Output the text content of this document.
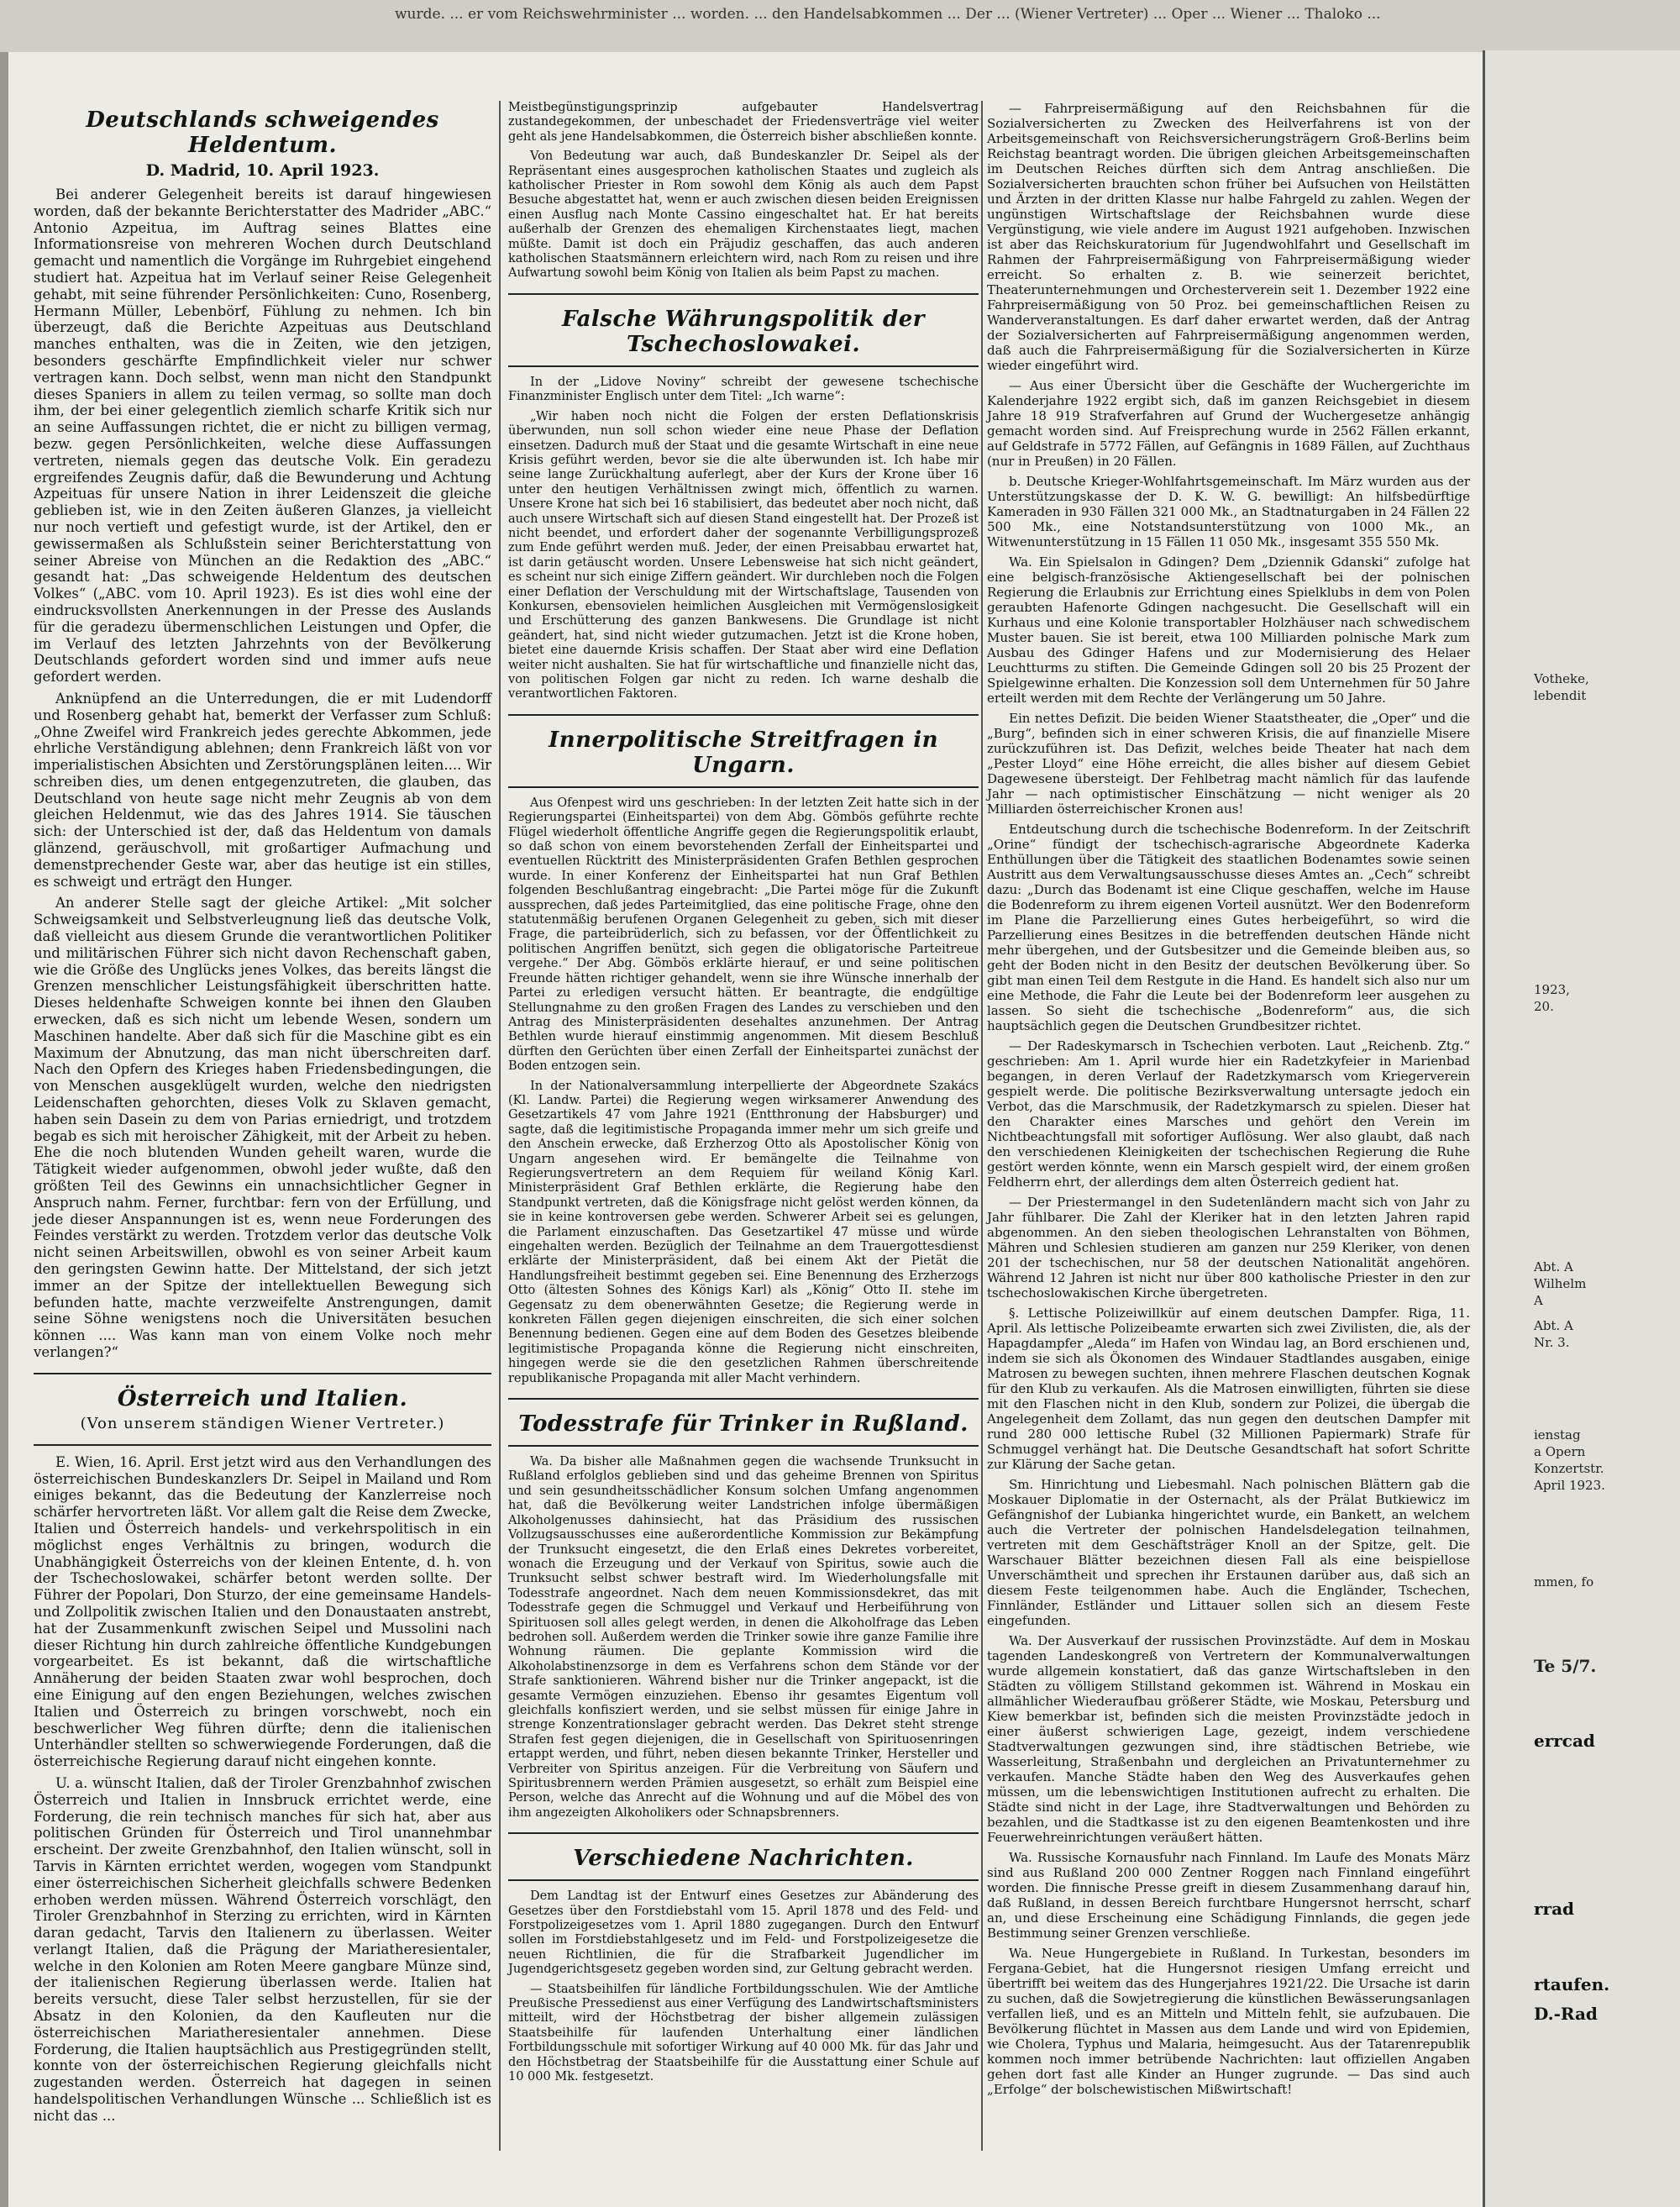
wurde. ... er vom Reichswehrminister ... worden. ... den Handelsabkommen ... Der ... (Wiener Vertreter) ... Oper ... Wiener ... Thaloko ...
Votheke,
lebendit
1923,
20.
Abt. A
Wilhelm
A
Abt. A
Nr. 3.
ienstag
a Opern
Konzertstr.
April 1923.
mmen, fo
Te 5/7.
errcad
rrad
rtaufen.
D.-Rad
Deutschlands schweigendes Heldentum.
D. Madrid, 10. April 1923.

Bei anderer Gelegenheit bereits ist darauf hingewiesen worden, daß der bekannte Berichterstatter des Madrider „ABC.“ Antonio Azpeitua, im Auftrag seines Blattes eine Informationsreise von mehreren Wochen durch Deutschland gemacht und namentlich die Vorgänge im Ruhrgebiet eingehend studiert hat. Azpeitua hat im Verlauf seiner Reise Gelegenheit gehabt, mit seine führender Persönlichkeiten: Cuno, Rosenberg, Hermann Müller, Lebenbörf, Fühlung zu nehmen. Ich bin überzeugt, daß die Berichte Azpeituas aus Deutschland manches enthalten, was die in Zeiten, wie den jetzigen, besonders geschärfte Empfindlichkeit vieler nur schwer vertragen kann. Doch selbst, wenn man nicht den Standpunkt dieses Spaniers in allem zu teilen vermag, so sollte man doch ihm, der bei einer gelegentlich ziemlich scharfe Kritik sich nur an seine Auffassungen richtet, die er nicht zu billigen vermag, bezw. gegen Persönlichkeiten, welche diese Auffassungen vertreten, niemals gegen das deutsche Volk. Ein geradezu ergreifendes Zeugnis dafür, daß die Bewunderung und Achtung Azpeituas für unsere Nation in ihrer Leidenszeit die gleiche geblieben ist, wie in den Zeiten äußeren Glanzes, ja vielleicht nur noch vertieft und gefestigt wurde, ist der Artikel, den er gewissermaßen als Schlußstein seiner Berichterstattung von seiner Abreise von München an die Redaktion des „ABC.“ gesandt hat: „Das schweigende Heldentum des deutschen Volkes“ („ABC. vom 10. April 1923). Es ist dies wohl eine der eindrucksvollsten Anerkennungen in der Presse des Auslands für die geradezu übermenschlichen Leistungen und Opfer, die im Verlauf des letzten Jahrzehnts von der Bevölkerung Deutschlands gefordert worden sind und immer aufs neue gefordert werden.

Anknüpfend an die Unterredungen, die er mit Ludendorff und Rosenberg gehabt hat, bemerkt der Verfasser zum Schluß: „Ohne Zweifel wird Frankreich jedes gerechte Abkommen, jede ehrliche Verständigung ablehnen; denn Frankreich läßt von vor imperialistischen Absichten und Zerstörungsplänen leiten.... Wir schreiben dies, um denen entgegenzutreten, die glauben, das Deutschland von heute sage nicht mehr Zeugnis ab von dem gleichen Heldenmut, wie das des Jahres 1914. Sie täuschen sich: der Unterschied ist der, daß das Heldentum von damals glänzend, geräuschvoll, mit großartiger Aufmachung und demenstprechender Geste war, aber das heutige ist ein stilles, es schweigt und erträgt den Hunger.

An anderer Stelle sagt der gleiche Artikel: „Mit solcher Schweigsamkeit und Selbstverleugnung ließ das deutsche Volk, daß vielleicht aus diesem Grunde die verantwortlichen Politiker und militärischen Führer sich nicht davon Rechenschaft gaben, wie die Größe des Unglücks jenes Volkes, das bereits längst die Grenzen menschlicher Leistungsfähigkeit überschritten hatte. Dieses heldenhafte Schweigen konnte bei ihnen den Glauben erwecken, daß es sich nicht um lebende Wesen, sondern um Maschinen handelte. Aber daß sich für die Maschine gibt es ein Maximum der Abnutzung, das man nicht überschreiten darf. Nach den Opfern des Krieges haben Friedensbedingungen, die von Menschen ausgeklügelt wurden, welche den niedrigsten Leidenschaften gehorchten, dieses Volk zu Sklaven gemacht, haben sein Dasein zu dem von Parias erniedrigt, und trotzdem begab es sich mit heroischer Zähigkeit, mit der Arbeit zu heben. Ehe die noch blutenden Wunden geheilt waren, wurde die Tätigkeit wieder aufgenommen, obwohl jeder wußte, daß den größten Teil des Gewinns ein unnachsichtlicher Gegner in Anspruch nahm. Ferner, furchtbar: fern von der Erfüllung, und jede dieser Anspannungen ist es, wenn neue Forderungen des Feindes verstärkt zu werden. Trotzdem verlor das deutsche Volk nicht seinen Arbeitswillen, obwohl es von seiner Arbeit kaum den geringsten Gewinn hatte. Der Mittelstand, der sich jetzt immer an der Spitze der intellektuellen Bewegung sich befunden hatte, machte verzweifelte Anstrengungen, damit seine Söhne wenigstens noch die Universitäten besuchen können .... Was kann man von einem Volke noch mehr verlangen?“

Österreich und Italien.
(Von unserem ständigen Wiener Vertreter.)

E. Wien, 16. April. Erst jetzt wird aus den Verhandlungen des österreichischen Bundeskanzlers Dr. Seipel in Mailand und Rom einiges bekannt, das die Bedeutung der Kanzlerreise noch schärfer hervortreten läßt. Vor allem galt die Reise dem Zwecke, Italien und Österreich handels- und verkehrspolitisch in ein möglichst enges Verhältnis zu bringen, wodurch die Unabhängigkeit Österreichs von der kleinen Entente, d. h. von der Tschechoslowakei, schärfer betont werden sollte. Der Führer der Popolari, Don Sturzo, der eine gemeinsame Handels- und Zollpolitik zwischen Italien und den Donaustaaten anstrebt, hat der Zusammenkunft zwischen Seipel und Mussolini nach dieser Richtung hin durch zahlreiche öffentliche Kundgebungen vorgearbeitet. Es ist bekannt, daß die wirtschaftliche Annäherung der beiden Staaten zwar wohl besprochen, doch eine Einigung auf den engen Beziehungen, welches zwischen Italien und Österreich zu bringen vorschwebt, noch ein beschwerlicher Weg führen dürfte; denn die italienischen Unterhändler stellten so schwerwiegende Forderungen, daß die österreichische Regierung darauf nicht eingehen konnte.

U. a. wünscht Italien, daß der Tiroler Grenzbahnhof zwischen Österreich und Italien in Innsbruck errichtet werde, eine Forderung, die rein technisch manches für sich hat, aber aus politischen Gründen für Österreich und Tirol unannehmbar erscheint. Der zweite Grenzbahnhof, den Italien wünscht, soll in Tarvis in Kärnten errichtet werden, wogegen vom Standpunkt einer österreichischen Sicherheit gleichfalls schwere Bedenken erhoben werden müssen. Während Österreich vorschlägt, den Tiroler Grenzbahnhof in Sterzing zu errichten, wird in Kärnten daran gedacht, Tarvis den Italienern zu überlassen. Weiter verlangt Italien, daß die Prägung der Mariatheresientaler, welche in den Kolonien am Roten Meere gangbare Münze sind, der italienischen Regierung überlassen werde. Italien hat bereits versucht, diese Taler selbst herzustellen, für sie der Absatz in den Kolonien, da den Kaufleuten nur die österreichischen Mariatheresientaler annehmen. Diese Forderung, die Italien hauptsächlich aus Prestigegründen stellt, konnte von der österreichischen Regierung gleichfalls nicht zugestanden werden. Österreich hat dagegen in seinen handelspolitischen Verhandlungen Wünsche ... Schließlich ist es nicht das ...

Meistbegünstigungsprinzip aufgebauter Handelsvertrag zustandegekommen, der unbeschadet der Friedensverträge viel weiter geht als jene Handelsabkommen, die Österreich bisher abschließen konnte.

Von Bedeutung war auch, daß Bundeskanzler Dr. Seipel als der Repräsentant eines ausgesprochen katholischen Staates und zugleich als katholischer Priester in Rom sowohl dem König als auch dem Papst Besuche abgestattet hat, wenn er auch zwischen diesen beiden Ereignissen einen Ausflug nach Monte Cassino eingeschaltet hat. Er hat bereits außerhalb der Grenzen des ehemaligen Kirchenstaates liegt, machen müßte. Damit ist doch ein Präjudiz geschaffen, das auch anderen katholischen Staatsmännern erleichtern wird, nach Rom zu reisen und ihre Aufwartung sowohl beim König von Italien als beim Papst zu machen.

Falsche Währungspolitik der Tschechoslowakei.

In der „Lidove Noviny“ schreibt der gewesene tschechische Finanzminister Englisch unter dem Titel: „Ich warne“:

„Wir haben noch nicht die Folgen der ersten Deflationskrisis überwunden, nun soll schon wieder eine neue Phase der Deflation einsetzen. Dadurch muß der Staat und die gesamte Wirtschaft in eine neue Krisis geführt werden, bevor sie die alte überwunden ist. Ich habe mir seine lange Zurückhaltung auferlegt, aber der Kurs der Krone über 16 unter den heutigen Verhältnissen zwingt mich, öffentlich zu warnen. Unsere Krone hat sich bei 16 stabilisiert, das bedeutet aber noch nicht, daß auch unsere Wirtschaft sich auf diesen Stand eingestellt hat. Der Prozeß ist nicht beendet, und erfordert daher der sogenannte Verbilligungsprozeß zum Ende geführt werden muß. Jeder, der einen Preisabbau erwartet hat, ist darin getäuscht worden. Unsere Lebensweise hat sich nicht geändert, es scheint nur sich einige Ziffern geändert. Wir durchleben noch die Folgen einer Deflation der Verschuldung mit der Wirtschaftslage, Tausenden von Konkursen, ebensovielen heimlichen Ausgleichen mit Vermögenslosigkeit und Erschütterung des ganzen Bankwesens. Die Grundlage ist nicht geändert, hat, sind nicht wieder gutzumachen. Jetzt ist die Krone hoben, bietet eine dauernde Krisis schaffen. Der Staat aber wird eine Deflation weiter nicht aushalten. Sie hat für wirtschaftliche und finanzielle nicht das, von politischen Folgen gar nicht zu reden. Ich warne deshalb die verantwortlichen Faktoren.

Innerpolitische Streitfragen in Ungarn.

Aus Ofenpest wird uns geschrieben: In der letzten Zeit hatte sich in der Regierungspartei (Einheitspartei) von dem Abg. Gömbös geführte rechte Flügel wiederholt öffentliche Angriffe gegen die Regierungspolitik erlaubt, so daß schon von einem bevorstehenden Zerfall der Einheitspartei und eventuellen Rücktritt des Ministerpräsidenten Grafen Bethlen gesprochen wurde. In einer Konferenz der Einheitspartei hat nun Graf Bethlen folgenden Beschlußantrag eingebracht: „Die Partei möge für die Zukunft aussprechen, daß jedes Parteimitglied, das eine politische Frage, ohne den statutenmäßig berufenen Organen Gelegenheit zu geben, sich mit dieser Frage, die parteibrüderlich, sich zu befassen, vor der Öffentlichkeit zu politischen Angriffen benützt, sich gegen die obligatorische Parteitreue vergehe.“ Der Abg. Gömbös erklärte hierauf, er und seine politischen Freunde hätten richtiger gehandelt, wenn sie ihre Wünsche innerhalb der Partei zu erledigen versucht hätten. Er beantragte, die endgültige Stellungnahme zu den großen Fragen des Landes zu verschieben und den Antrag des Ministerpräsidenten desehaltes anzunehmen. Der Antrag Bethlen wurde hierauf einstimmig angenommen. Mit diesem Beschluß dürften den Gerüchten über einen Zerfall der Einheitspartei zunächst der Boden entzogen sein.

In der Nationalversammlung interpellierte der Abgeordnete Szakács (Kl. Landw. Partei) die Regierung wegen wirksamerer Anwendung des Gesetzartikels 47 vom Jahre 1921 (Entthronung der Habsburger) und sagte, daß die legitimistische Propaganda immer mehr um sich greife und den Anschein erwecke, daß Erzherzog Otto als Apostolischer König von Ungarn angesehen wird. Er bemängelte die Teilnahme von Regierungsvertretern an dem Requiem für weiland König Karl. Ministerpräsident Graf Bethlen erklärte, die Regierung habe den Standpunkt vertreten, daß die Königsfrage nicht gelöst werden können, da sie in keine kontroversen gebe werden. Schwerer Arbeit sei es gelungen, die Parlament einzuschaften. Das Gesetzartikel 47 müsse und würde eingehalten werden. Bezüglich der Teilnahme an dem Trauergottesdienst erklärte der Ministerpräsident, daß bei einem Akt der Pietät die Handlungsfreiheit bestimmt gegeben sei. Eine Benennung des Erzherzogs Otto (ältesten Sohnes des Königs Karl) als „König“ Otto II. stehe im Gegensatz zu dem obenerwähnten Gesetze; die Regierung werde in konkreten Fällen gegen diejenigen einschreiten, die sich einer solchen Benennung bedienen. Gegen eine auf dem Boden des Gesetzes bleibende legitimistische Propaganda könne die Regierung nicht einschreiten, hingegen werde sie die den gesetzlichen Rahmen überschreitende republikanische Propaganda mit aller Macht verhindern.

Todesstrafe für Trinker in Rußland.

Wa. Da bisher alle Maßnahmen gegen die wachsende Trunksucht in Rußland erfolglos geblieben sind und das geheime Brennen von Spiritus und sein gesundheitsschädlicher Konsum solchen Umfang angenommen hat, daß die Bevölkerung weiter Landstrichen infolge übermäßigen Alkoholgenusses dahinsiecht, hat das Präsidium des russischen Vollzugsausschusses eine außerordentliche Kommission zur Bekämpfung der Trunksucht eingesetzt, die den Erlaß eines Dekretes vorbereitet, wonach die Erzeugung und der Verkauf von Spiritus, sowie auch die Trunksucht selbst schwer bestraft wird. Im Wiederholungsfalle mit Todesstrafe angeordnet. Nach dem neuen Kommissionsdekret, das mit Todesstrafe gegen die Schmuggel und Verkauf und Herbeiführung von Spirituosen soll alles gelegt werden, in denen die Alkoholfrage das Leben bedrohen soll. Außerdem werden die Trinker sowie ihre ganze Familie ihre Wohnung räumen. Die geplante Kommission wird die Alkoholabstinenzsorge in dem es Verfahrens schon dem Stände vor der Strafe sanktionieren. Während bisher nur die Trinker angepackt, ist die gesamte Vermögen einzuziehen. Ebenso ihr gesamtes Eigentum voll gleichfalls konfisziert werden, und sie selbst müssen für einige Jahre in strenge Konzentrationslager gebracht werden. Das Dekret steht strenge Strafen fest gegen diejenigen, die in Gesellschaft von Spirituosenringen ertappt werden, und führt, neben diesen bekannte Trinker, Hersteller und Verbreiter von Spiritus anzeigen. Für die Verbreitung von Säufern und Spiritusbrennern werden Prämien ausgesetzt, so erhält zum Beispiel eine Person, welche das Anrecht auf die Wohnung und auf die Möbel des von ihm angezeigten Alkoholikers oder Schnapsbrenners.

Verschiedene Nachrichten.

Dem Landtag ist der Entwurf eines Gesetzes zur Abänderung des Gesetzes über den Forstdiebstahl vom 15. April 1878 und des Feld- und Forstpolizeigesetzes vom 1. April 1880 zugegangen. Durch den Entwurf sollen im Forstdiebstahlgesetz und im Feld- und Forstpolizeigesetze die neuen Richtlinien, die für die Strafbarkeit Jugendlicher im Jugendgerichtsgesetz gegeben worden sind, zur Geltung gebracht werden.

— Staatsbeihilfen für ländliche Fortbildungsschulen. Wie der Amtliche Preußische Pressedienst aus einer Verfügung des Landwirtschaftsministers mitteilt, wird der Höchstbetrag der bisher allgemein zulässigen Staatsbeihilfe für laufenden Unterhaltung einer ländlichen Fortbildungsschule mit sofortiger Wirkung auf 40 000 Mk. für das Jahr und den Höchstbetrag der Staatsbeihilfe für die Ausstattung einer Schule auf 10 000 Mk. festgesetzt.

— Fahrpreisermäßigung auf den Reichsbahnen für die Sozialversicherten zu Zwecken des Heilverfahrens ist von der Arbeitsgemeinschaft von Reichsversicherungsträgern Groß-Berlins beim Reichstag beantragt worden. Die übrigen gleichen Arbeitsgemeinschaften im Deutschen Reiches dürften sich dem Antrag anschließen. Die Sozialversicherten brauchten schon früher bei Aufsuchen von Heilstätten und Ärzten in der dritten Klasse nur halbe Fahrgeld zu zahlen. Wegen der ungünstigen Wirtschaftslage der Reichsbahnen wurde diese Vergünstigung, wie viele andere im August 1921 aufgehoben. Inzwischen ist aber das Reichskuratorium für Jugendwohlfahrt und Gesellschaft im Rahmen der Fahrpreisermäßigung von Fahrpreisermäßigung wieder erreicht. So erhalten z. B. wie seinerzeit berichtet, Theaterunternehmungen und Orchesterverein seit 1. Dezember 1922 eine Fahrpreisermäßigung von 50 Proz. bei gemeinschaftlichen Reisen zu Wanderveranstaltungen. Es darf daher erwartet werden, daß der Antrag der Sozialversicherten auf Fahrpreisermäßigung angenommen werden, daß auch die Fahrpreisermäßigung für die Sozialversicherten in Kürze wieder eingeführt wird.

— Aus einer Übersicht über die Geschäfte der Wuchergerichte im Kalenderjahre 1922 ergibt sich, daß im ganzen Reichsgebiet in diesem Jahre 18 919 Strafverfahren auf Grund der Wuchergesetze anhängig gemacht worden sind. Auf Freisprechung wurde in 2562 Fällen erkannt, auf Geldstrafe in 5772 Fällen, auf Gefängnis in 1689 Fällen, auf Zuchthaus (nur in Preußen) in 20 Fällen.

b. Deutsche Krieger-Wohlfahrtsgemeinschaft. Im März wurden aus der Unterstützungskasse der D. K. W. G. bewilligt: An hilfsbedürftige Kameraden in 930 Fällen 321 000 Mk., an Stadtnaturgaben in 24 Fällen 22 500 Mk., eine Notstandsunterstützung von 1000 Mk., an Witwenunterstützung in 15 Fällen 11 050 Mk., insgesamt 355 550 Mk.

Wa. Ein Spielsalon in Gdingen? Dem „Dziennik Gdanski“ zufolge hat eine belgisch-französische Aktiengesellschaft bei der polnischen Regierung die Erlaubnis zur Errichtung eines Spielklubs in dem von Polen geraubten Hafenorte Gdingen nachgesucht. Die Gesellschaft will ein Kurhaus und eine Kolonie transportabler Holzhäuser nach schwedischem Muster bauen. Sie ist bereit, etwa 100 Milliarden polnische Mark zum Ausbau des Gdinger Hafens und zur Modernisierung des Helaer Leuchtturms zu stiften. Die Gemeinde Gdingen soll 20 bis 25 Prozent der Spielgewinne erhalten. Die Konzession soll dem Unternehmen für 50 Jahre erteilt werden mit dem Rechte der Verlängerung um 50 Jahre.

Ein nettes Defizit. Die beiden Wiener Staatstheater, die „Oper“ und die „Burg“, befinden sich in einer schweren Krisis, die auf finanzielle Misere zurückzuführen ist. Das Defizit, welches beide Theater hat nach dem „Pester Lloyd“ eine Höhe erreicht, die alles bisher auf diesem Gebiet Dagewesene übersteigt. Der Fehlbetrag macht nämlich für das laufende Jahr — nach optimistischer Einschätzung — nicht weniger als 20 Milliarden österreichischer Kronen aus!

Entdeutschung durch die tschechische Bodenreform. In der Zeitschrift „Orine“ fündigt der tschechisch-agrarische Abgeordnete Kaderka Enthüllungen über die Tätigkeit des staatlichen Bodenamtes sowie seinen Austritt aus dem Verwaltungsausschusse dieses Amtes an. „Cech“ schreibt dazu: „Durch das Bodenamt ist eine Clique geschaffen, welche im Hause die Bodenreform zu ihrem eigenen Vorteil ausnützt. Wer den Bodenreform im Plane die Parzellierung eines Gutes herbeigeführt, so wird die Parzellierung eines Besitzes in die betreffenden deutschen Hände nicht mehr übergehen, und der Gutsbesitzer und die Gemeinde bleiben aus, so geht der Boden nicht in den Besitz der deutschen Bevölkerung über. So gibt man einen Teil dem Restgute in die Hand. Es handelt sich also nur um eine Methode, die Fahr die Leute bei der Bodenreform leer ausgehen zu lassen. So sieht die tschechische „Bodenreform“ aus, die sich hauptsächlich gegen die Deutschen Grundbesitzer richtet.

— Der Radeskymarsch in Tschechien verboten. Laut „Reichenb. Ztg.“ geschrieben: Am 1. April wurde hier ein Radetzkyfeier in Marienbad begangen, in deren Verlauf der Radetzkymarsch vom Kriegerverein gespielt werde. Die politische Bezirksverwaltung untersagte jedoch ein Verbot, das die Marschmusik, der Radetzkymarsch zu spielen. Dieser hat den Charakter eines Marsches und gehört den Verein im Nichtbeachtungsfall mit sofortiger Auflösung. Wer also glaubt, daß nach den verschiedenen Kleinigkeiten der tschechischen Regierung die Ruhe gestört werden könnte, wenn ein Marsch gespielt wird, der einem großen Feldherrn ehrt, der allerdings dem alten Österreich gedient hat.

— Der Priestermangel in den Sudetenländern macht sich von Jahr zu Jahr fühlbarer. Die Zahl der Kleriker hat in den letzten Jahren rapid abgenommen. An den sieben theologischen Lehranstalten von Böhmen, Mähren und Schlesien studieren am ganzen nur 259 Kleriker, von denen 201 der tschechischen, nur 58 der deutschen Nationalität angehören. Während 12 Jahren ist nicht nur über 800 katholische Priester in den zur tschechoslowakischen Kirche übergetreten.

§. Lettische Polizeiwillkür auf einem deutschen Dampfer. Riga, 11. April. Als lettische Polizeibeamte erwarten sich zwei Zivilisten, die, als der Hapagdampfer „Aleda“ im Hafen von Windau lag, an Bord erschienen und, indem sie sich als Ökonomen des Windauer Stadtlandes ausgaben, einige Matrosen zu bewegen suchten, ihnen mehrere Flaschen deutschen Kognak für den Klub zu verkaufen. Als die Matrosen einwilligten, führten sie diese mit den Flaschen nicht in den Klub, sondern zur Polizei, die übergab die Angelegenheit dem Zollamt, das nun gegen den deutschen Dampfer mit rund 280 000 lettische Rubel (32 Millionen Papiermark) Strafe für Schmuggel verhängt hat. Die Deutsche Gesandtschaft hat sofort Schritte zur Klärung der Sache getan.

Sm. Hinrichtung und Liebesmahl. Nach polnischen Blättern gab die Moskauer Diplomatie in der Osternacht, als der Prälat Butkiewicz im Gefängnishof der Lubianka hingerichtet wurde, ein Bankett, an welchem auch die Vertreter der polnischen Handelsdelegation teilnahmen, vertreten mit dem Geschäftsträger Knoll an der Spitze, gelt. Die Warschauer Blätter bezeichnen diesen Fall als eine beispiellose Unverschämtheit und sprechen ihr Erstaunen darüber aus, daß sich an diesem Feste teilgenommen habe. Auch die Engländer, Tschechen, Finnländer, Estländer und Littauer sollen sich an diesem Feste eingefunden.

Wa. Der Ausverkauf der russischen Provinzstädte. Auf dem in Moskau tagenden Landeskongreß von Vertretern der Kommunalverwaltungen wurde allgemein konstatiert, daß das ganze Wirtschaftsleben in den Städten zu völligem Stillstand gekommen ist. Während in Moskau ein allmählicher Wiederaufbau größerer Städte, wie Moskau, Petersburg und Kiew bemerkbar ist, befinden sich die meisten Provinzstädte jedoch in einer äußerst schwierigen Lage, gezeigt, indem verschiedene Stadtverwaltungen gezwungen sind, ihre städtischen Betriebe, wie Wasserleitung, Straßenbahn und dergleichen an Privatunternehmer zu verkaufen. Manche Städte haben den Weg des Ausverkaufes gehen müssen, um die lebenswichtigen Institutionen aufrecht zu erhalten. Die Städte sind nicht in der Lage, ihre Stadtverwaltungen und Behörden zu bezahlen, und die Stadtkasse ist zu den eigenen Beamtenkosten und ihre Feuerwehreinrichtungen veräußert hätten.

Wa. Russische Kornausfuhr nach Finnland. Im Laufe des Monats März sind aus Rußland 200 000 Zentner Roggen nach Finnland eingeführt worden. Die finnische Presse greift in diesem Zusammenhang darauf hin, daß Rußland, in dessen Bereich furchtbare Hungersnot herrscht, scharf an, und diese Erscheinung eine Schädigung Finnlands, die gegen jede Bestimmung seiner Grenzen verschließe.

Wa. Neue Hungergebiete in Rußland. In Turkestan, besonders im Fergana-Gebiet, hat die Hungersnot riesigen Umfang erreicht und übertrifft bei weitem das des Hungerjahres 1921/22. Die Ursache ist darin zu suchen, daß die Sowjetregierung die künstlichen Bewässerungsanlagen verfallen ließ, und es an Mitteln und Mitteln fehlt, sie aufzubauen. Die Bevölkerung flüchtet in Massen aus dem Lande und wird von Epidemien, wie Cholera, Typhus und Malaria, heimgesucht. Aus der Tatarenrepublik kommen noch immer betrübende Nachrichten: laut offiziellen Angaben gehen dort fast alle Kinder an Hunger zugrunde. — Das sind auch „Erfolge“ der bolschewistischen Mißwirtschaft!
